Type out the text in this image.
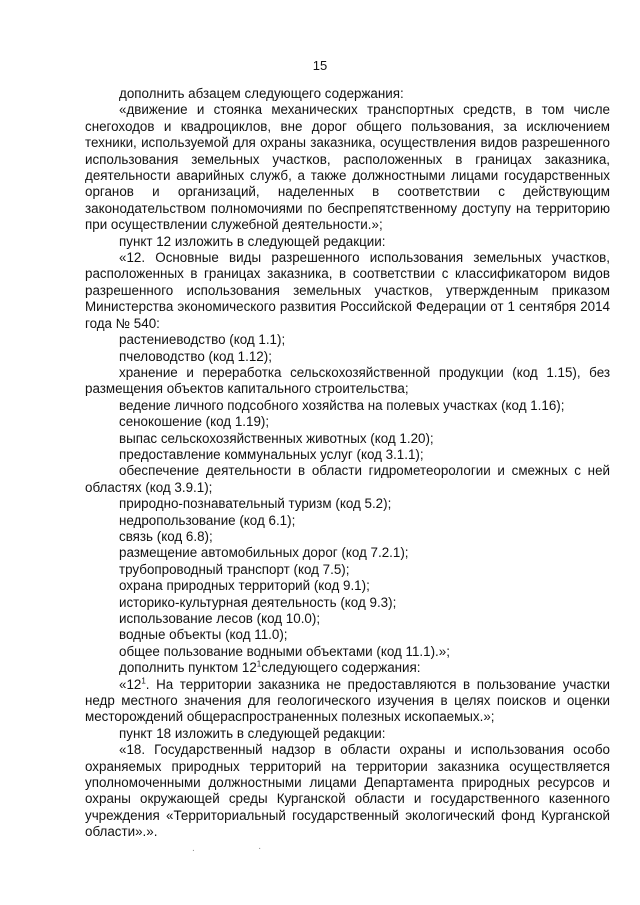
15

дополнить абзацем следующего содержания:

«движение и стоянка механических транспортных средств, в том числе снегоходов и квадроциклов, вне дорог общего пользования, за исключением техники, используемой для охраны заказника, осуществления видов разрешенного использования земельных участков, расположенных в границах заказника, деятельности аварийных служб, а также должностными лицами государственных органов и организаций, наделенных в соответствии с действующим законодательством полномочиями по беспрепятственному доступу на территорию при осуществлении служебной деятельности.»;

пункт 12 изложить в следующей редакции:

«12. Основные виды разрешенного использования земельных участков, расположенных в границах заказника, в соответствии с классификатором видов разрешенного использования земельных участков, утвержденным приказом Министерства экономического развития Российской Федерации от 1 сентября 2014 года № 540:

растениеводство (код 1.1);

пчеловодство (код 1.12);

хранение и переработка сельскохозяйственной продукции (код 1.15), без размещения объектов капитального строительства;

ведение личного подсобного хозяйства на полевых участках (код 1.16);

сенокошение (код 1.19);

выпас сельскохозяйственных животных (код 1.20);

предоставление коммунальных услуг (код 3.1.1);

обеспечение деятельности в области гидрометеорологии и смежных с ней областях (код 3.9.1);

природно-познавательный туризм (код 5.2);

недропользование (код 6.1);

связь (код 6.8);

размещение автомобильных дорог (код 7.2.1);

трубопроводный транспорт (код 7.5);

охрана природных территорий (код 9.1);

историко-культурная деятельность (код 9.3);

использование лесов (код 10.0);

водные объекты (код 11.0);

общее пользование водными объектами (код 11.1).»;

дополнить пунктом $12^1следующего$ содержания:

«$12^1$. На территории заказника не предоставляются в пользование участки недр местного значения для геологического изучения в целях поисков и оценки месторождений общераспространенных полезных ископаемых.»;

пункт 18 изложить в следующей редакции:

«18. Государственный надзор в области охраны и использования особо охраняемых природных территорий на территории заказника осуществляется уполномоченными должностными лицами Департамента природных ресурсов и охраны окружающей среды Курганской области и государственного казенного учреждения «Территориальный государственный экологический фонд Курганской области».».

.	·
